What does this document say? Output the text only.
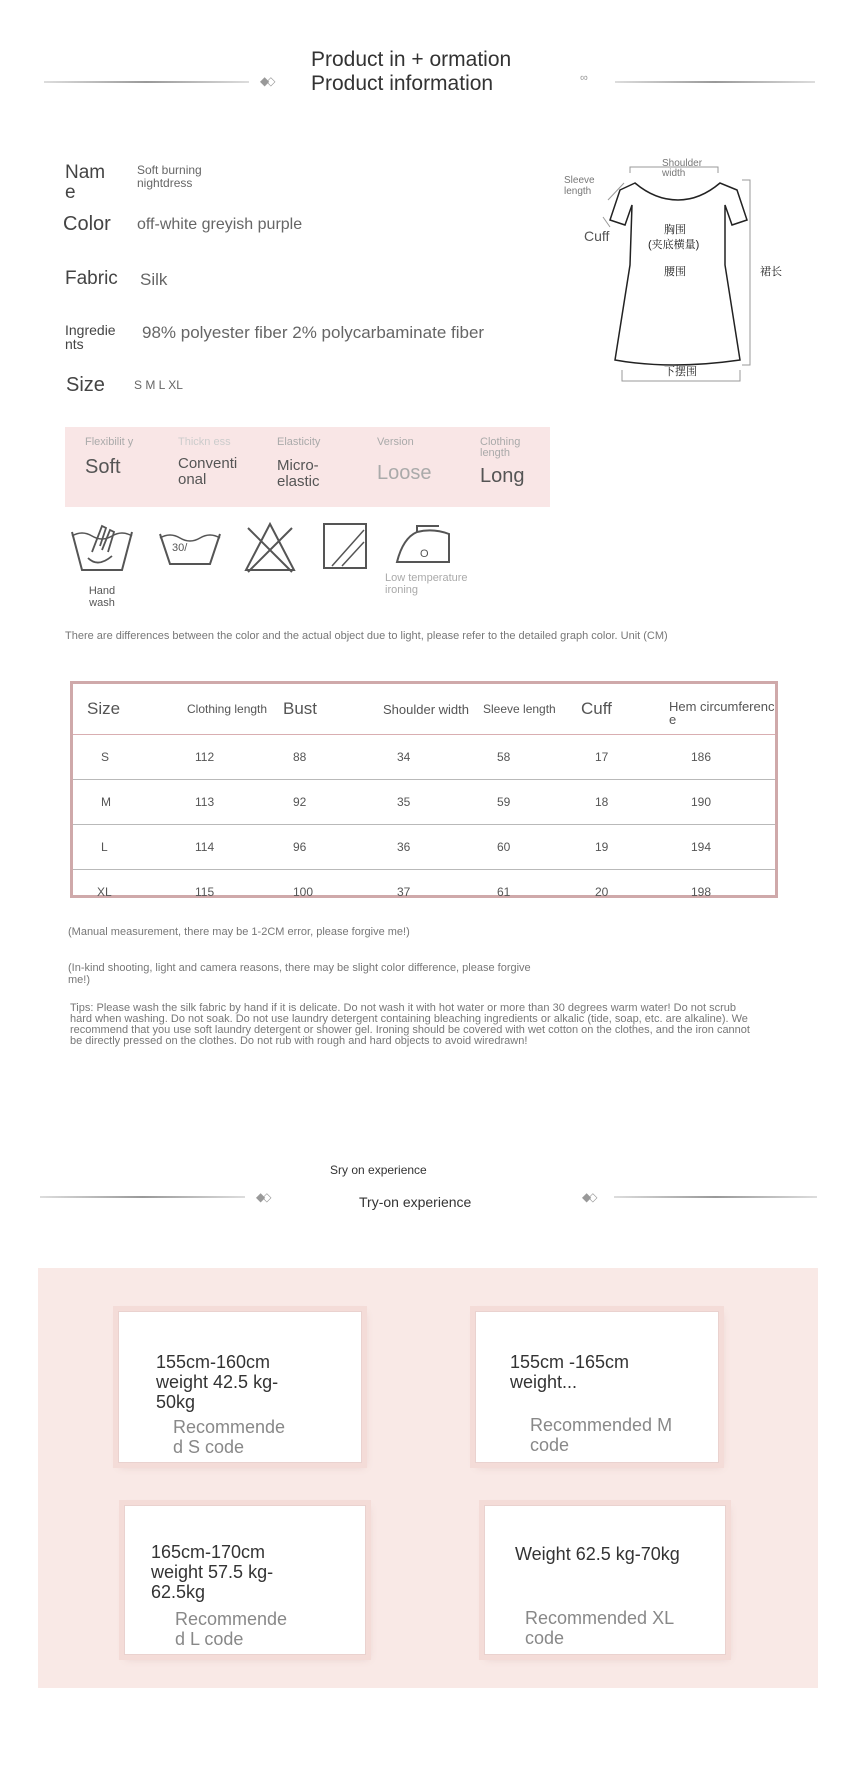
◆◇
Product in + ormation
Product information	∞
Nam e
Soft burning nightdress
Color off-white greyish purple
Fabric Silk
Ingredie nts
98% polyester fiber 2% polycarbaminate fiber
Size S M L XL
Shoulder width
Sleeve length
Cuff	胸围
(夹底横量)
腰围	裙长
下摆围
Flexibilit y
Soft
Thickn ess
Conventi onal
Elasticity
Micro- elastic
Version
Loose
Clothing length
Long
Hand wash
30/	O
Low temperature ironing
There are differences between the color and the actual object due to light, please refer to the detailed graph color. Unit (CM)
Size	Clothing length	Bust	Shoulder width	Sleeve length	Cuff	Hem circumferenc e
S	112	88	34	58	17	186
M	113	92	35	59	18	190
L	114	96	36	60	19	194
XL	115	100	37	61	20	198
(Manual measurement, there may be 1-2CM error, please forgive me!)
(In-kind shooting, light and camera reasons, there may be slight color difference, please forgive me!)
Tips: Please wash the silk fabric by hand if it is delicate. Do not wash it with hot water or more than 30 degrees warm water! Do not scrub hard when washing. Do not soak. Do not use laundry detergent containing bleaching ingredients or alkalic (tide, soap, etc. are alkaline). We recommend that you use soft laundry detergent or shower gel. Ironing should be covered with wet cotton on the clothes, and the iron cannot be directly pressed on the clothes. Do not rub with rough and hard objects to avoid wiredrawn!
Sry on experience
◆◇	Try-on experience	◆◇
155cm-160cm weight 42.5 kg- 50kg
Recommende d S code
155cm -165cm weight...
Recommended M code
165cm-170cm weight 57.5 kg- 62.5kg
Recommende d L code
Weight 62.5 kg-70kg
Recommended XL code
